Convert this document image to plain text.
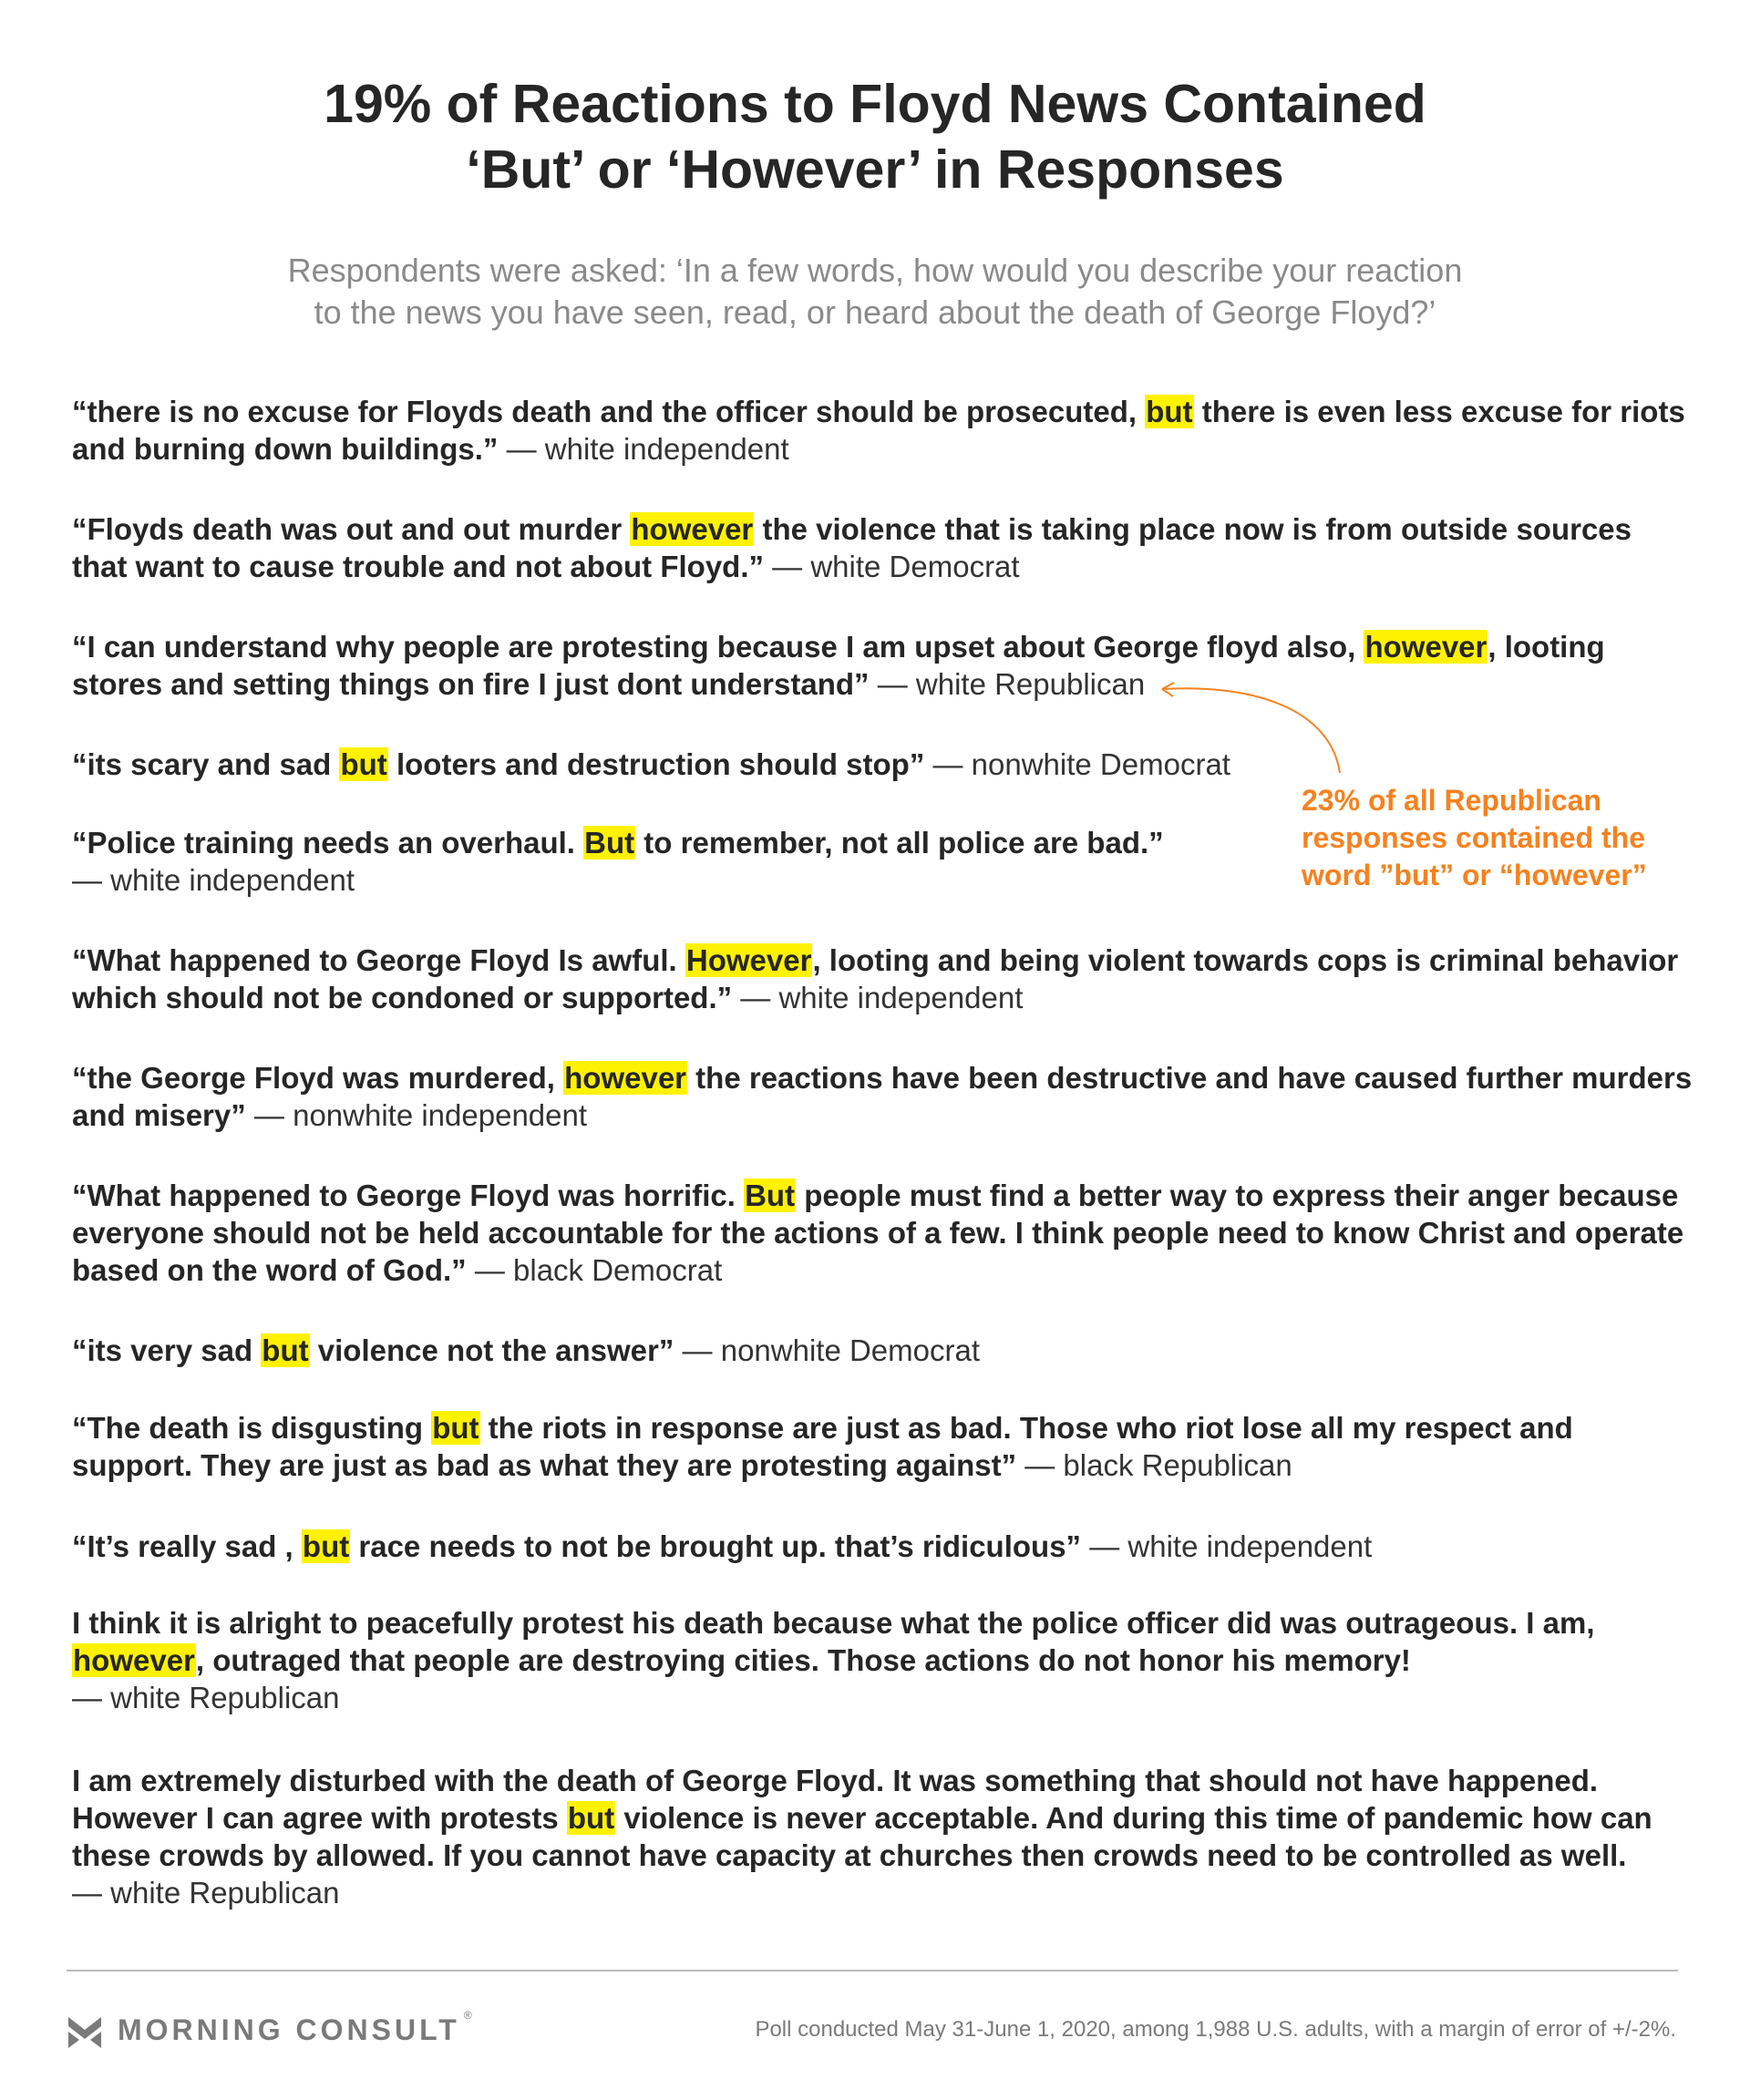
19% of Reactions to Floyd News Contained
‘But’ or ‘However’ in Responses

Respondents were asked: ‘In a few words, how would you describe your reaction
to the news you have seen, read, or heard about the death of George Floyd?’

“there is no excuse for Floyds death and the officer should be prosecuted, but there is even less excuse for riots and burning down buildings.” — white independent

“Floyds death was out and out murder however the violence that is taking place now is from outside sources that want to cause trouble and not about Floyd.” — white Democrat

“I can understand why people are protesting because I am upset about George floyd also, however, looting stores and setting things on fire I just dont understand” — white Republican

“its scary and sad but looters and destruction should stop” — nonwhite Democrat

“Police training needs an overhaul. But to remember, not all police are bad.”
— white independent

“What happened to George Floyd Is awful. However, looting and being violent towards cops is criminal behavior which should not be condoned or supported.” — white independent

“the George Floyd was murdered, however the reactions have been destructive and have caused further murders and misery” — nonwhite independent

“What happened to George Floyd was horrific. But people must find a better way to express their anger because everyone should not be held accountable for the actions of a few. I think people need to know Christ and operate based on the word of God.” — black Democrat

“its very sad but violence not the answer” — nonwhite Democrat

“The death is disgusting but the riots in response are just as bad. Those who riot lose all my respect and support. They are just as bad as what they are protesting against” — black Republican

“It’s really sad , but race needs to not be brought up. that’s ridiculous” — white independent

I think it is alright to peacefully protest his death because what the police officer did was outrageous. I am, however, outraged that people are destroying cities. Those actions do not honor his memory!
— white Republican

I am extremely disturbed with the death of George Floyd. It was something that should not have happened. However I can agree with protests but violence is never acceptable. And during this time of pandemic how can these crowds by allowed. If you cannot have capacity at churches then crowds need to be controlled as well.
— white Republican

23% of all Republican
responses contained the
word ”but” or “however”

MORNING CONSULT ®
Poll conducted May 31-June 1, 2020, among 1,988 U.S. adults, with a margin of error of +/-2%.
